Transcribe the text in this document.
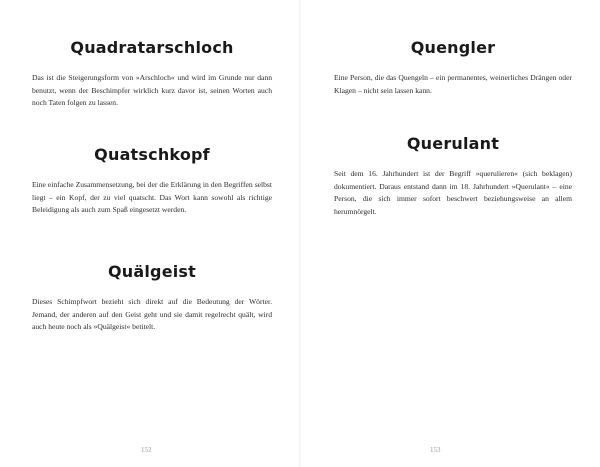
Quadratarschloch

Das ist die Steigerungsform von »Arschloch« und wird im Grunde nur dann benutzt, wenn der Beschimpfer wirklich kurz davor ist, seinen Worten auch noch Taten folgen zu lassen.

Quatschkopf

Eine einfache Zusammensetzung, bei der die Erklärung in den Begriffen selbst liegt – ein Kopf, der zu viel quatscht. Das Wort kann sowohl als richtige Beleidigung als auch zum Spaß eingesetzt werden.

Quälgeist

Dieses Schimpfwort bezieht sich direkt auf die Bedeutung der Wörter. Jemand, der anderen auf den Geist geht und sie damit regelrecht quält, wird auch heute noch als »Quälgeist« betitelt.

152
Quengler

Eine Person, die das Quengeln – ein permanentes, weinerliches Drängen oder Klagen – nicht sein lassen kann.

Querulant

Seit dem 16. Jahrhundert ist der Begriff »querulieren« (sich beklagen) dokumentiert. Daraus entstand dann im 18. Jahrhundert »Querulant« – eine Person, die sich immer sofort beschwert beziehungsweise an allem herumnörgelt.

153
